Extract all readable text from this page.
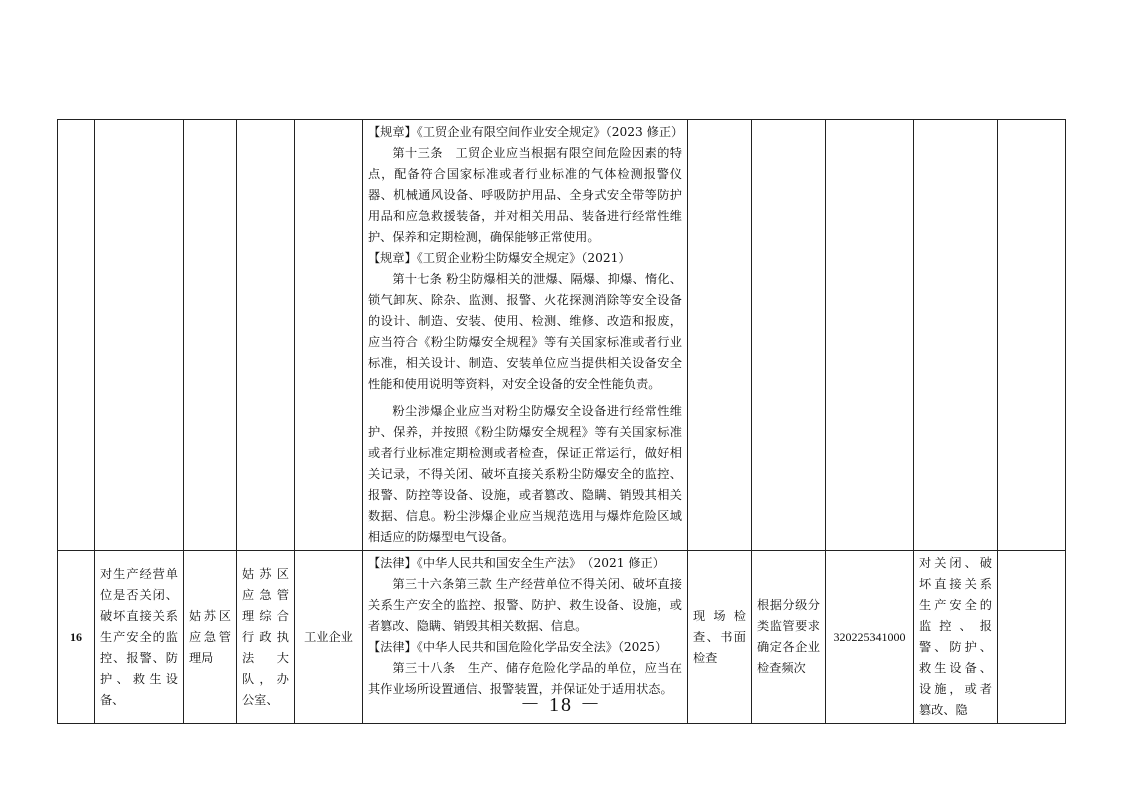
					【规章】《工贸企业有限空间作业安全规定》（2023 修正）

第十三条　工贸企业应当根据有限空间危险因素的特点，配备符合国家标准或者行业标准的气体检测报警仪器、机械通风设备、呼吸防护用品、全身式安全带等防护用品和应急救援装备，并对相关用品、装备进行经常性维护、保养和定期检测，确保能够正常使用。

【规章】《工贸企业粉尘防爆安全规定》（2021）

第十七条 粉尘防爆相关的泄爆、隔爆、抑爆、惰化、锁气卸灰、除杂、监测、报警、火花探测消除等安全设备的设计、制造、安装、使用、检测、维修、改造和报废，应当符合《粉尘防爆安全规程》等有关国家标准或者行业标准，相关设计、制造、安装单位应当提供相关设备安全性能和使用说明等资料，对安全设备的安全性能负责。

粉尘涉爆企业应当对粉尘防爆安全设备进行经常性维护、保养，并按照《粉尘防爆安全规程》等有关国家标准或者行业标准定期检测或者检查，保证正常运行，做好相关记录，不得关闭、破坏直接关系粉尘防爆安全的监控、报警、防控等设备、设施，或者篡改、隐瞒、销毁其相关数据、信息。粉尘涉爆企业应当规范选用与爆炸危险区域相适应的防爆型电气设备。					

16	对生产经营单位是否关闭、破坏直接关系生产安全的监控、报警、防护、救生设备、	姑苏区应急管理局	姑苏区应急管理综合行政执法大队，办公室、	工业企业	【法律】《中华人民共和国安全生产法》　（2021 修正）

第三十六条第三款 生产经营单位不得关闭、破坏直接关系生产安全的监控、报警、防护、救生设备、设施，或者篡改、隐瞒、销毁其相关数据、信息。

【法律】《中华人民共和国危险化学品安全法》（2025）

第三十八条　生产、储存危险化学品的单位，应当在其作业场所设置通信、报警装置，并保证处于适用状态。	现场检查、书面检查	根据分级分类监管要求确定各企业检查频次	320225341000	对关闭、破坏直接关系生产安全的监控、报警、防护、救生设备、设施，或者篡改、隐	

－ 18 －
